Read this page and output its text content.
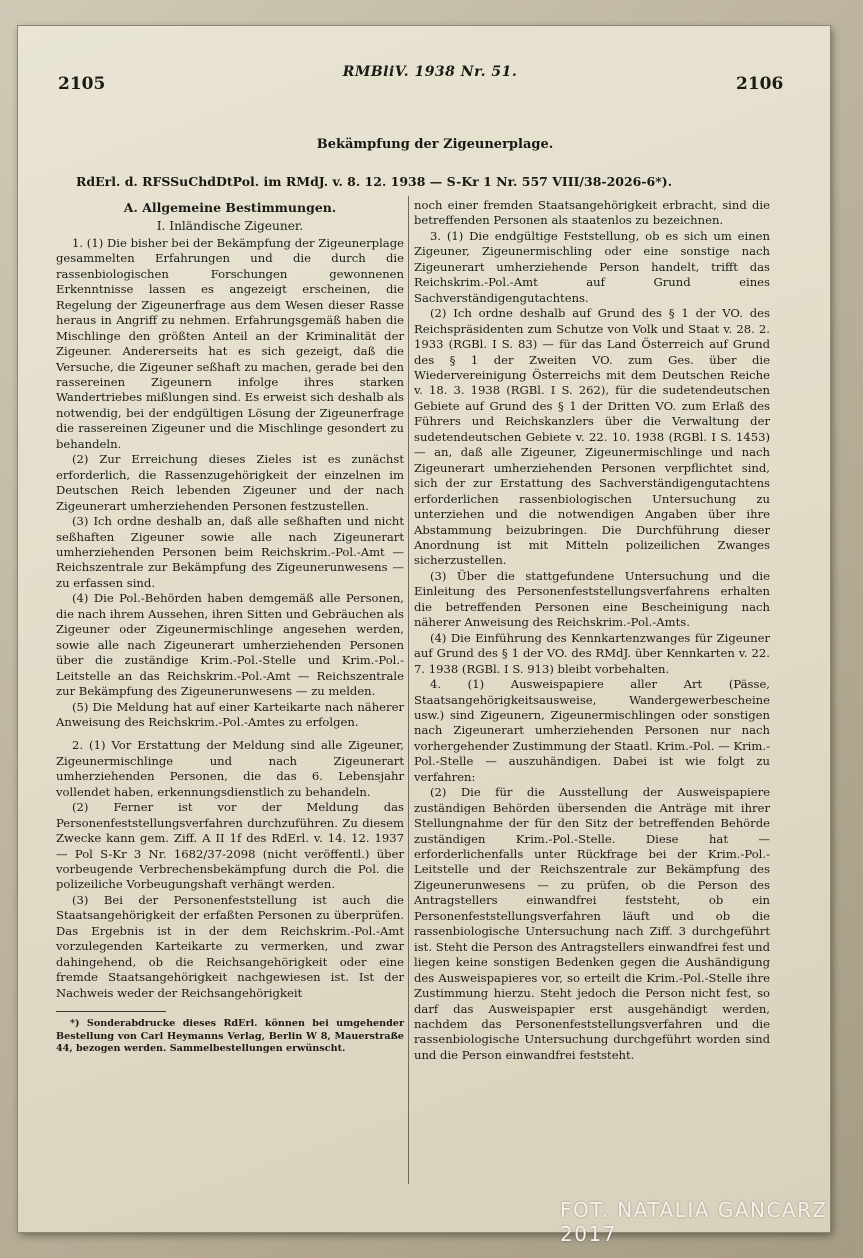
2105
RMBliV. 1938 Nr. 51.
2106
Bekämpfung der Zigeunerplage.
RdErl. d. RFSSuChdDtPol. im RMdJ. v. 8. 12. 1938 — S-Kr 1 Nr. 557 VIII/38-2026-6*).
A. Allgemeine Bestimmungen.
I. Inländische Zigeuner.

1. (1) Die bisher bei der Bekämpfung der Zigeunerplage gesammelten Erfahrungen und die durch die rassenbiologischen Forschungen gewonnenen Erkenntnisse lassen es angezeigt erscheinen, die Regelung der Zigeunerfrage aus dem Wesen dieser Rasse heraus in Angriff zu nehmen. Erfahrungsgemäß haben die Mischlinge den größten Anteil an der Kriminalität der Zigeuner. Andererseits hat es sich gezeigt, daß die Versuche, die Zigeuner seßhaft zu machen, gerade bei den rassereinen Zigeunern infolge ihres starken Wandertriebes mißlungen sind. Es erweist sich deshalb als notwendig, bei der endgültigen Lösung der Zigeunerfrage die rassereinen Zigeuner und die Mischlinge gesondert zu behandeln.

(2) Zur Erreichung dieses Zieles ist es zunächst erforderlich, die Rassenzugehörigkeit der einzelnen im Deutschen Reich lebenden Zigeuner und der nach Zigeunerart umherziehenden Personen festzustellen.

(3) Ich ordne deshalb an, daß alle seßhaften und nicht seßhaften Zigeuner sowie alle nach Zigeunerart umherziehenden Personen beim Reichskrim.-Pol.-Amt — Reichszentrale zur Bekämpfung des Zigeunerunwesens — zu erfassen sind.

(4) Die Pol.-Behörden haben demgemäß alle Personen, die nach ihrem Aussehen, ihren Sitten und Gebräuchen als Zigeuner oder Zigeunermischlinge angesehen werden, sowie alle nach Zigeunerart umherziehenden Personen über die zuständige Krim.-Pol.-Stelle und Krim.-Pol.-Leitstelle an das Reichskrim.-Pol.-Amt — Reichszentrale zur Bekämpfung des Zigeunerunwesens — zu melden.

(5) Die Meldung hat auf einer Karteikarte nach näherer Anweisung des Reichskrim.-Pol.-Amtes zu erfolgen.

2. (1) Vor Erstattung der Meldung sind alle Zigeuner, Zigeunermischlinge und nach Zigeunerart umherziehenden Personen, die das 6. Lebensjahr vollendet haben, erkennungsdienstlich zu behandeln.

(2) Ferner ist vor der Meldung das Personenfeststellungsverfahren durchzuführen. Zu diesem Zwecke kann gem. Ziff. A II 1f des RdErl. v. 14. 12. 1937 — Pol S-Kr 3 Nr. 1682/37-2098 (nicht veröffentl.) über vorbeugende Verbrechensbekämpfung durch die Pol. die polizeiliche Vorbeugungshaft verhängt werden.

(3) Bei der Personenfeststellung ist auch die Staatsangehörigkeit der erfaßten Personen zu überprüfen. Das Ergebnis ist in der dem Reichskrim.-Pol.-Amt vorzulegenden Karteikarte zu vermerken, und zwar dahingehend, ob die Reichsangehörigkeit oder eine fremde Staatsangehörigkeit nachgewiesen ist. Ist der Nachweis weder der Reichsangehörigkeit

*) Sonderabdrucke dieses RdErl. können bei umgehender Bestellung von Carl Heymanns Verlag, Berlin W 8, Mauerstraße 44, bezogen werden. Sammelbestellungen erwünscht.

noch einer fremden Staatsangehörigkeit erbracht, sind die betreffenden Personen als staatenlos zu bezeichnen.

3. (1) Die endgültige Feststellung, ob es sich um einen Zigeuner, Zigeunermischling oder eine sonstige nach Zigeunerart umherziehende Person handelt, trifft das Reichskrim.-Pol.-Amt auf Grund eines Sachverständigengutachtens.

(2) Ich ordne deshalb auf Grund des § 1 der VO. des Reichspräsidenten zum Schutze von Volk und Staat v. 28. 2. 1933 (RGBl. I S. 83) — für das Land Österreich auf Grund des § 1 der Zweiten VO. zum Ges. über die Wiedervereinigung Österreichs mit dem Deutschen Reiche v. 18. 3. 1938 (RGBl. I S. 262), für die sudetendeutschen Gebiete auf Grund des § 1 der Dritten VO. zum Erlaß des Führers und Reichskanzlers über die Verwaltung der sudetendeutschen Gebiete v. 22. 10. 1938 (RGBl. I S. 1453) — an, daß alle Zigeuner, Zigeunermischlinge und nach Zigeunerart umherziehenden Personen verpflichtet sind, sich der zur Erstattung des Sachverständigengutachtens erforderlichen rassenbiologischen Untersuchung zu unterziehen und die notwendigen Angaben über ihre Abstammung beizubringen. Die Durchführung dieser Anordnung ist mit Mitteln polizeilichen Zwanges sicherzustellen.

(3) Über die stattgefundene Untersuchung und die Einleitung des Personenfeststellungsverfahrens erhalten die betreffenden Personen eine Bescheinigung nach näherer Anweisung des Reichskrim.-Pol.-Amts.

(4) Die Einführung des Kennkartenzwanges für Zigeuner auf Grund des § 1 der VO. des RMdJ. über Kennkarten v. 22. 7. 1938 (RGBl. I S. 913) bleibt vorbehalten.

4. (1) Ausweispapiere aller Art (Pässe, Staatsangehörigkeitsausweise, Wandergewerbescheine usw.) sind Zigeunern, Zigeunermischlingen oder sonstigen nach Zigeunerart umherziehenden Personen nur nach vorhergehender Zustimmung der Staatl. Krim.-Pol. — Krim.-Pol.-Stelle — auszuhändigen. Dabei ist wie folgt zu verfahren:

(2) Die für die Ausstellung der Ausweispapiere zuständigen Behörden übersenden die Anträge mit ihrer Stellungnahme der für den Sitz der betreffenden Behörde zuständigen Krim.-Pol.-Stelle. Diese hat — erforderlichenfalls unter Rückfrage bei der Krim.-Pol.-Leitstelle und der Reichszentrale zur Bekämpfung des Zigeunerunwesens — zu prüfen, ob die Person des Antragstellers einwandfrei feststeht, ob ein Personenfeststellungsverfahren läuft und ob die rassenbiologische Untersuchung nach Ziff. 3 durchgeführt ist. Steht die Person des Antragstellers einwandfrei fest und liegen keine sonstigen Bedenken gegen die Aushändigung des Ausweispapieres vor, so erteilt die Krim.-Pol.-Stelle ihre Zustimmung hierzu. Steht jedoch die Person nicht fest, so darf das Ausweispapier erst ausgehändigt werden, nachdem das Personenfeststellungsverfahren und die rassenbiologische Untersuchung durchgeführt worden sind und die Person einwandfrei feststeht.

FOT. NATALIA GANCARZ 2017
